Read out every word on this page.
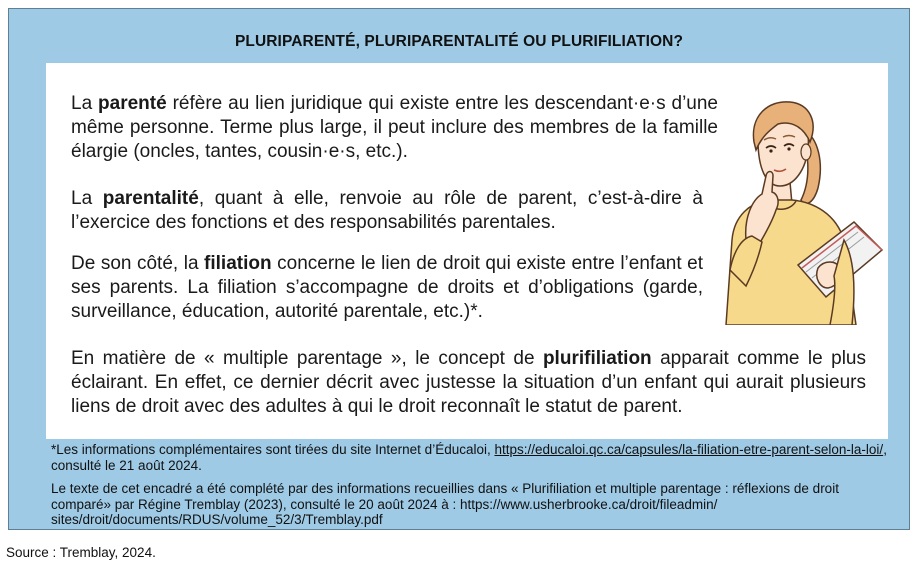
PLURIPARENTÉ, PLURIPARENTALITÉ OU PLURIFILIATION?

La parenté réfère au lien juridique qui existe entre les descendant·e·s d’une même personne. Terme plus large, il peut inclure des membres de la famille élargie (oncles, tantes, cousin·e·s, etc.).

La parentalité, quant à elle, renvoie au rôle de parent, c’est-à-dire à l’exercice des fonctions et des responsabilités parentales.

De son côté, la filiation concerne le lien de droit qui existe entre l’enfant et ses parents. La filiation s’accompagne de droits et d’obligations (garde, surveillance, éducation, autorité parentale, etc.)*.

En matière de « multiple parentage », le concept de plurifiliation apparait comme le plus éclairant. En effet, ce dernier décrit avec justesse la situation d’un enfant qui aurait plusieurs liens de droit avec des adultes à qui le droit reconnaît le statut de parent.

*Les informations complémentaires sont tirées du site Internet d’Éducaloi, https://educaloi.qc.ca/capsules/la-filiation-etre-parent-selon-la-loi/, consulté le 21 août 2024.

Le texte de cet encadré a été complété par des informations recueillies dans « Plurifiliation et multiple parentage : réflexions de droit comparé» par Régine Tremblay (2023), consulté le 20 août 2024 à : https://www.usherbrooke.ca/droit/fileadmin/ sites/droit/documents/RDUS/volume_52/3/Tremblay.pdf

Source : Tremblay, 2024.
